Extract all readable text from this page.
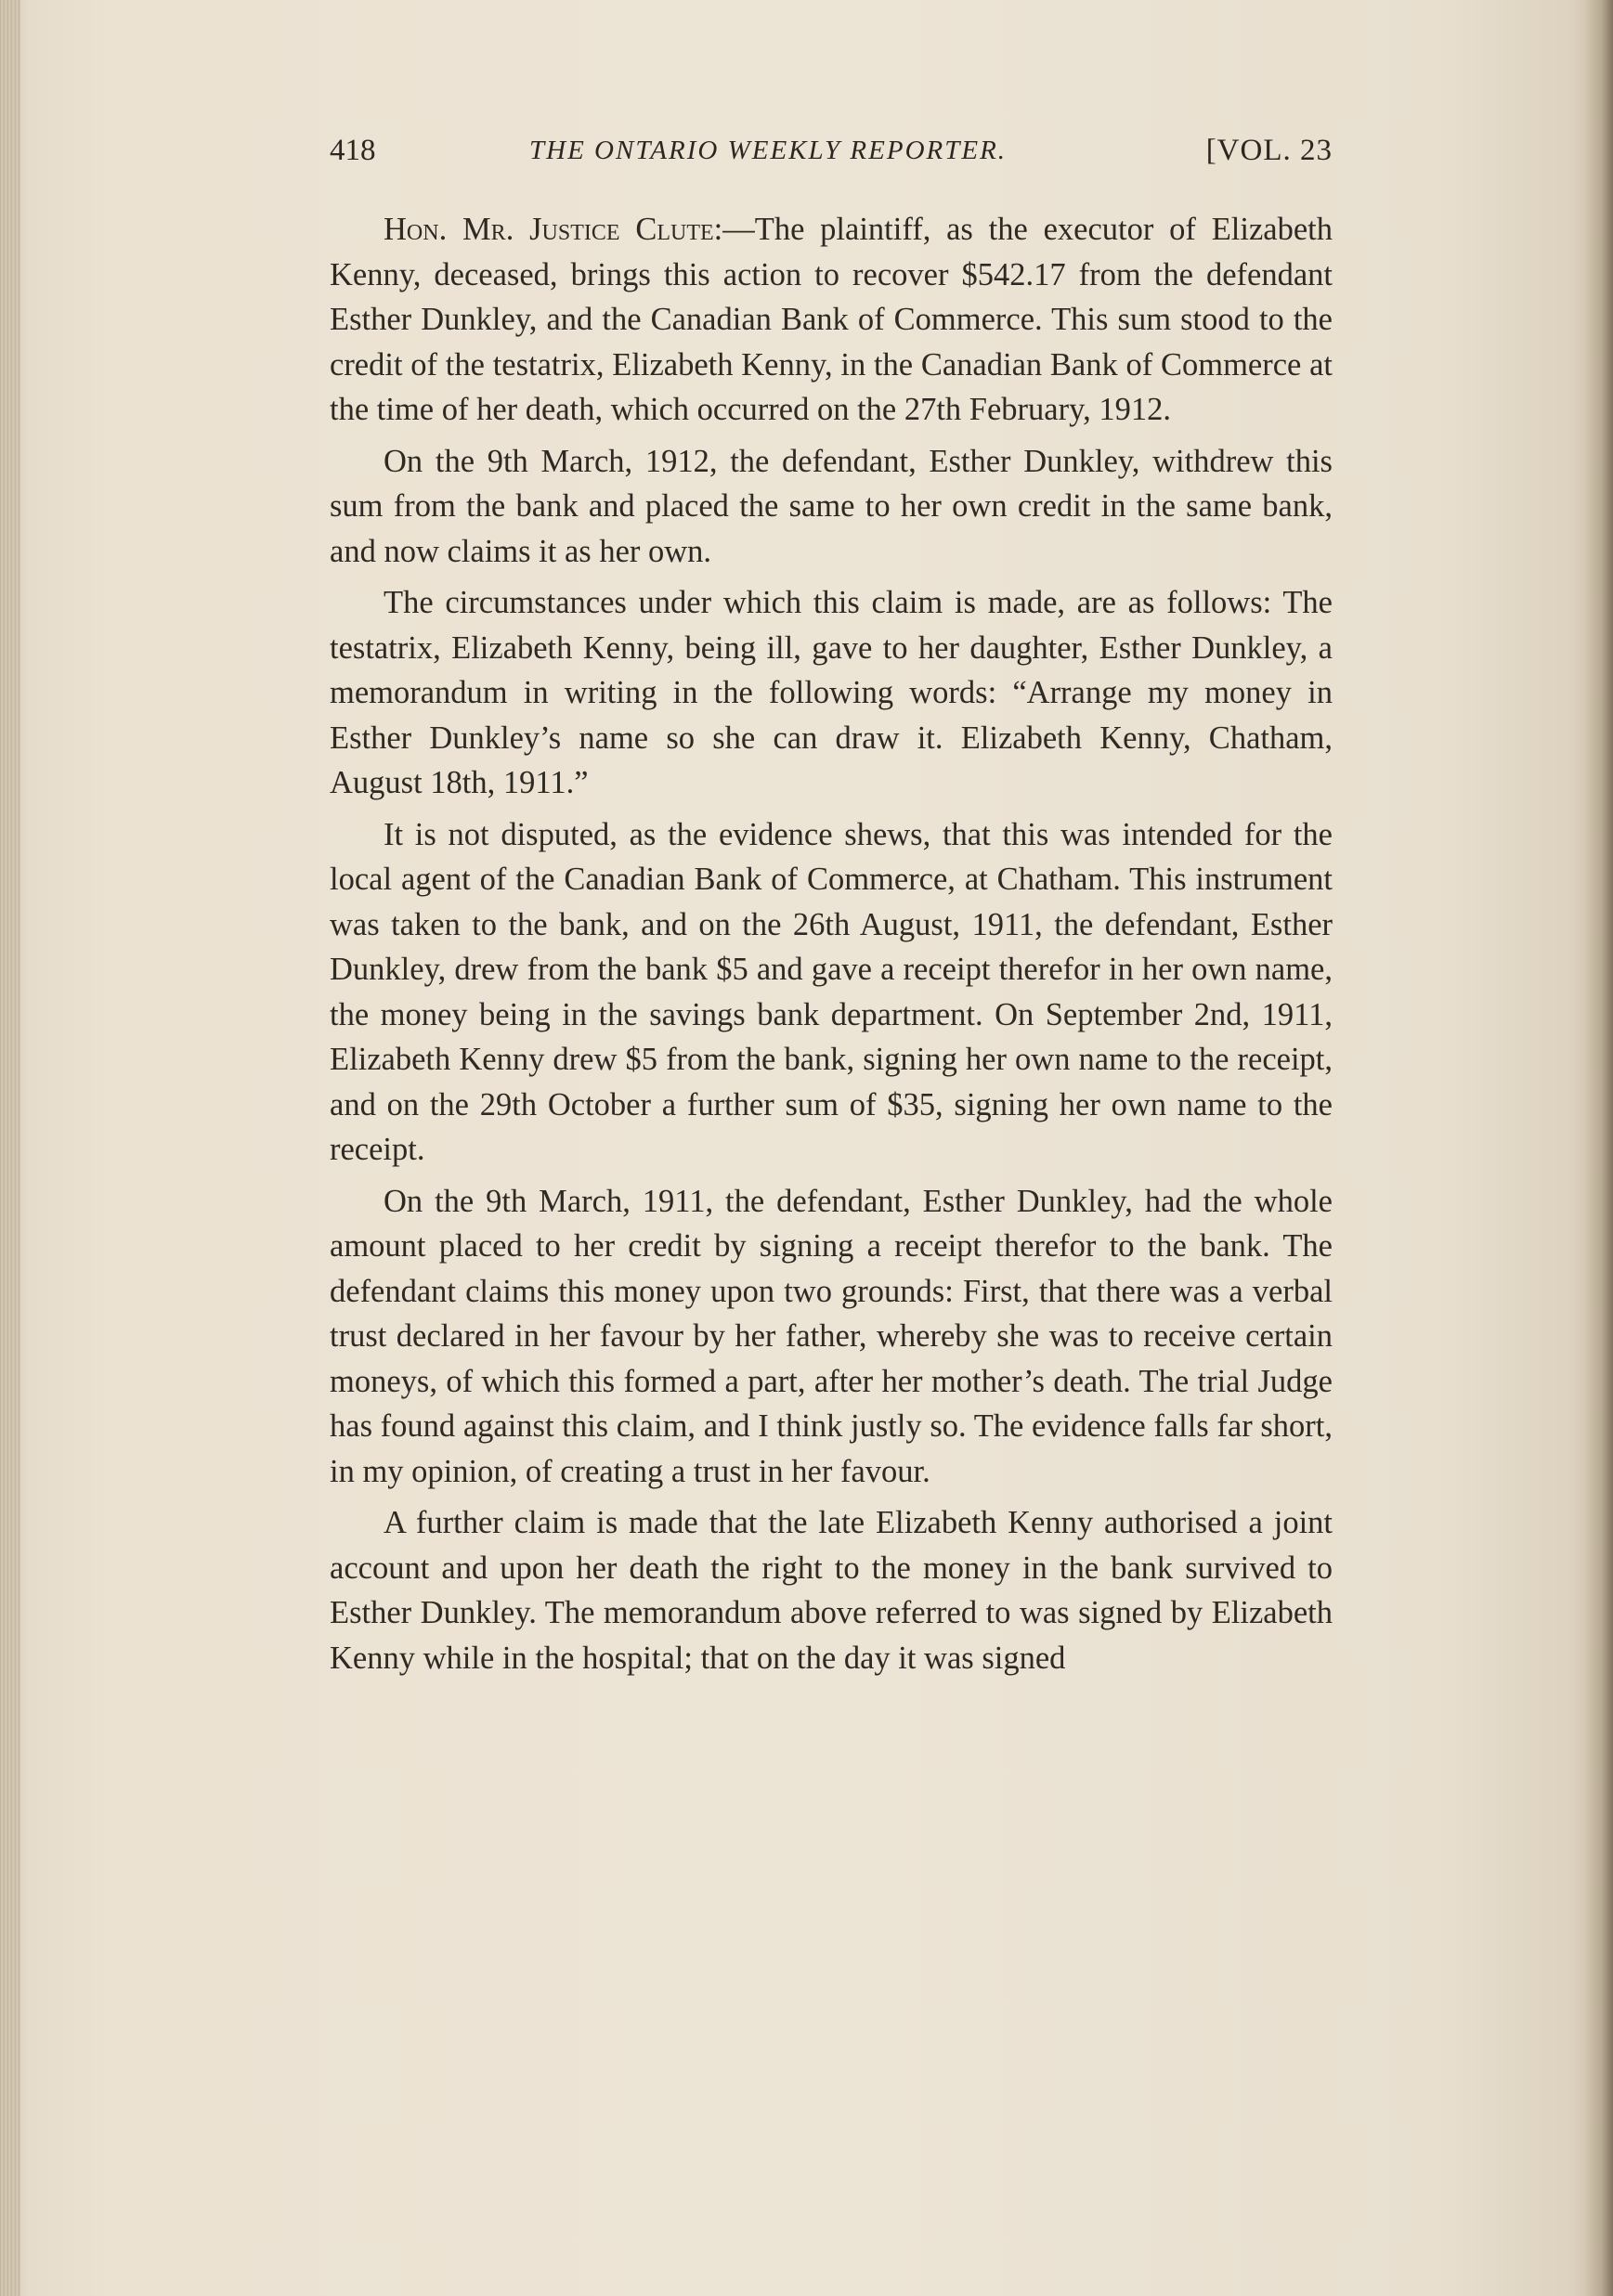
418	THE ONTARIO WEEKLY REPORTER.	[VOL. 23

Hon. Mr. Justice Clute:—The plaintiff, as the executor of Elizabeth Kenny, deceased, brings this action to recover $542.17 from the defendant Esther Dunkley, and the Canadian Bank of Commerce. This sum stood to the credit of the testatrix, Elizabeth Kenny, in the Canadian Bank of Commerce at the time of her death, which occurred on the 27th February, 1912.

On the 9th March, 1912, the defendant, Esther Dunkley, withdrew this sum from the bank and placed the same to her own credit in the same bank, and now claims it as her own.

The circumstances under which this claim is made, are as follows: The testatrix, Elizabeth Kenny, being ill, gave to her daughter, Esther Dunkley, a memorandum in writing in the following words: “Arrange my money in Esther Dunkley’s name so she can draw it. Elizabeth Kenny, Chatham, August 18th, 1911.”

It is not disputed, as the evidence shews, that this was intended for the local agent of the Canadian Bank of Commerce, at Chatham. This instrument was taken to the bank, and on the 26th August, 1911, the defendant, Esther Dunkley, drew from the bank $5 and gave a receipt therefor in her own name, the money being in the savings bank department. On September 2nd, 1911, Elizabeth Kenny drew $5 from the bank, signing her own name to the receipt, and on the 29th October a further sum of $35, signing her own name to the receipt.

On the 9th March, 1911, the defendant, Esther Dunkley, had the whole amount placed to her credit by signing a receipt therefor to the bank. The defendant claims this money upon two grounds: First, that there was a verbal trust declared in her favour by her father, whereby she was to receive certain moneys, of which this formed a part, after her mother’s death. The trial Judge has found against this claim, and I think justly so. The evidence falls far short, in my opinion, of creating a trust in her favour.

A further claim is made that the late Elizabeth Kenny authorised a joint account and upon her death the right to the money in the bank survived to Esther Dunkley. The memorandum above referred to was signed by Elizabeth Kenny while in the hospital; that on the day it was signed
